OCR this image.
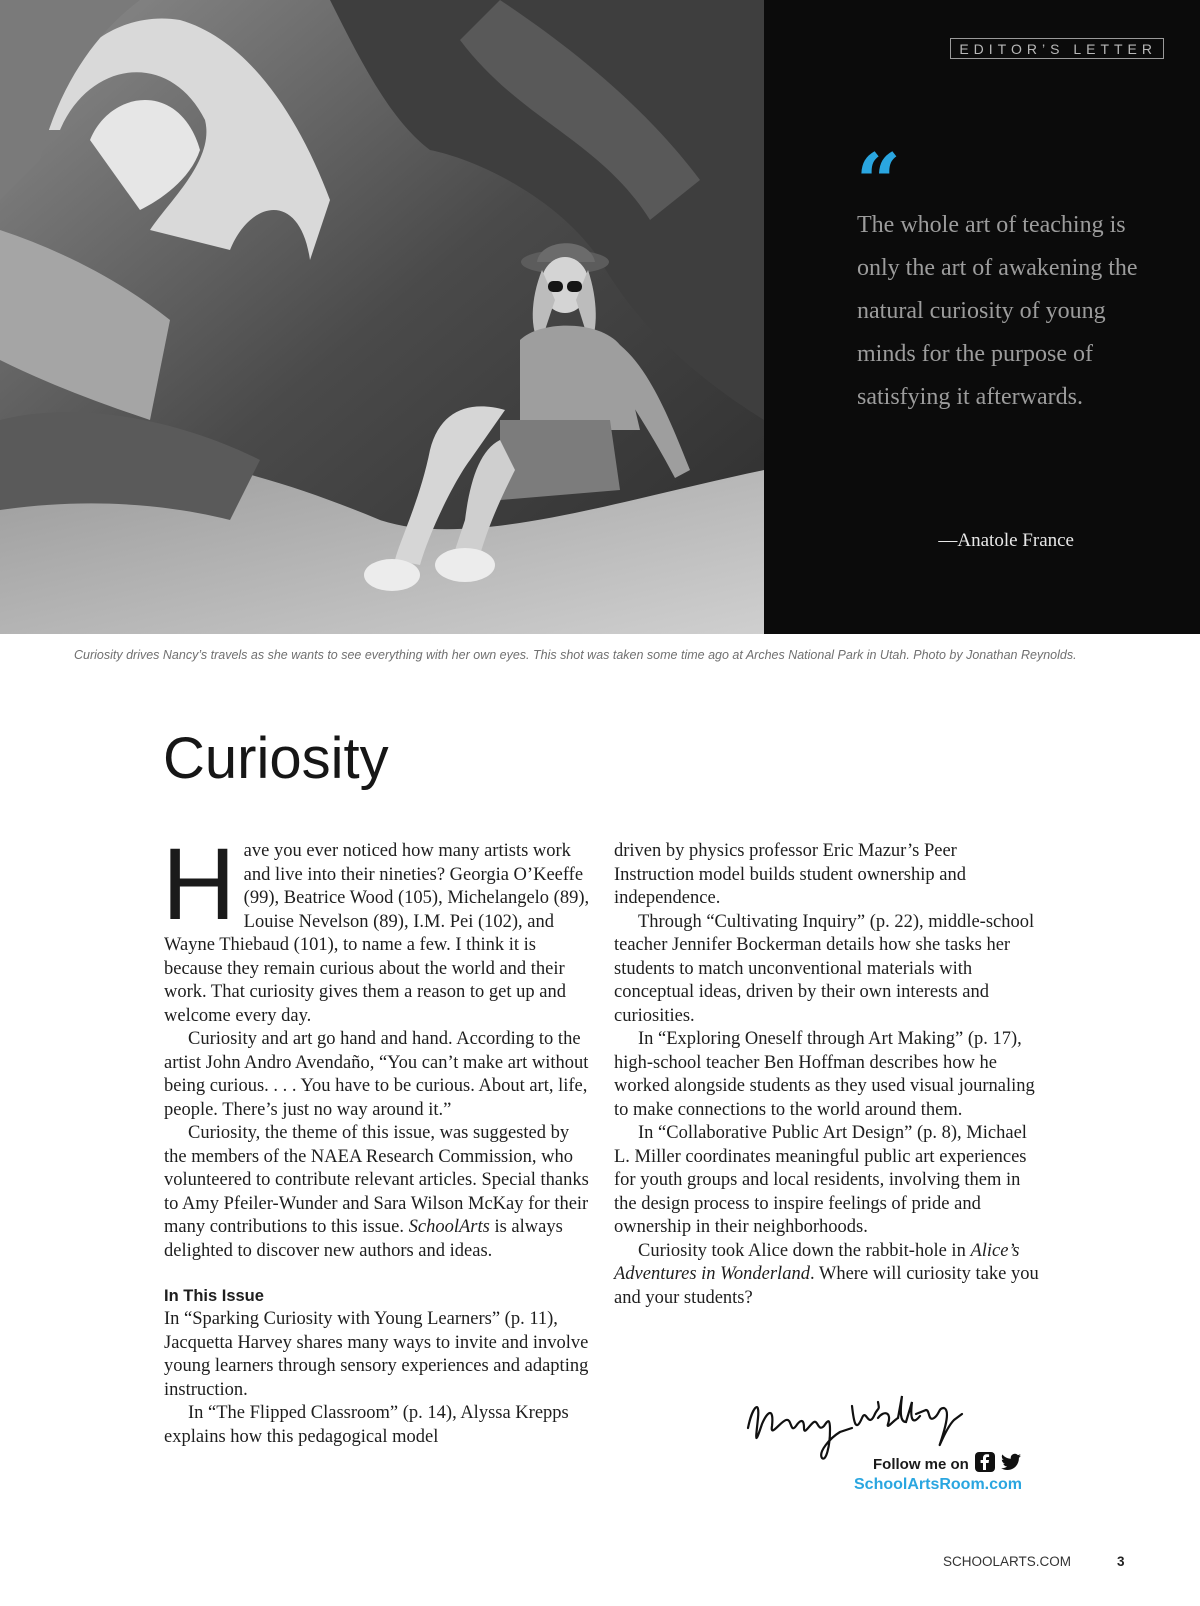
EDITOR’S LETTER
“

The whole art of teaching is only the art of awakening the natural curiosity of young minds for the purpose of satisfying it afterwards.

—Anatole France

Curiosity drives Nancy’s travels as she wants to see everything with her own eyes. This shot was taken some time ago at Arches National Park in Utah. Photo by Jonathan Reynolds.

Curiosity

Have you ever noticed how many artists work and live into their nineties? Georgia O’Keeffe (99), Beatrice Wood (105), Michelangelo (89), Louise Nevelson (89), I.M. Pei (102), and Wayne Thiebaud (101), to name a few. I think it is because they remain curious about the world and their work. That curiosity gives them a reason to get up and welcome every day.

Curiosity and art go hand and hand. According to the artist John Andro Avendaño, “You can’t make art without being curious. . . . You have to be curious. About art, life, people. There’s just no way around it.”

Curiosity, the theme of this issue, was suggested by the members of the NAEA Research Commission, who volunteered to contribute relevant articles. Special thanks to Amy Pfeiler-Wunder and Sara Wilson McKay for their many contributions to this issue. SchoolArts is always delighted to discover new authors and ideas.

In This Issue

In “Sparking Curiosity with Young Learners” (p. 11), Jacquetta Harvey shares many ways to invite and involve young learners through sensory experiences and adapting instruction.

In “The Flipped Classroom” (p. 14), Alyssa Krepps explains how this pedagogical model

driven by physics professor Eric Mazur’s Peer Instruction model builds student ownership and independence.

Through “Cultivating Inquiry” (p. 22), middle-school teacher Jennifer Bockerman details how she tasks her students to match unconventional materials with conceptual ideas, driven by their own interests and curiosities.

In “Exploring Oneself through Art Making” (p. 17), high-school teacher Ben Hoffman describes how he worked alongside students as they used visual journaling to make connections to the world around them.

In “Collaborative Public Art Design” (p. 8), Michael L. Miller coordinates meaningful public art experiences for youth groups and local residents, involving them in the design process to inspire feelings of pride and ownership in their neighborhoods.

Curiosity took Alice down the rabbit-hole in Alice’s Adventures in Wonderland. Where will curiosity take you and your students?

Follow me on
SchoolArtsRoom.com
SCHOOLARTS.COM	3
